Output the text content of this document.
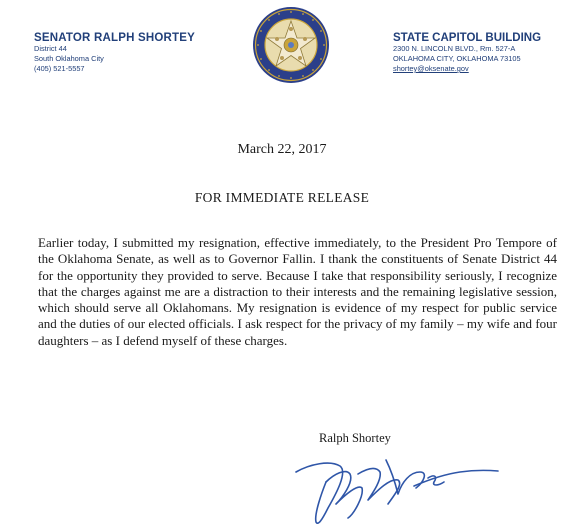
SENATOR RALPH SHORTEY
District 44
South Oklahoma City
(405) 521-5557
STATE CAPITOL BUILDING
2300 N. LINCOLN BLVD., Rm. 527-A
OKLAHOMA CITY, OKLAHOMA 73105
shortey@oksenate.gov
March 22, 2017
FOR IMMEDIATE RELEASE
Earlier today, I submitted my resignation, effective immediately, to the President Pro Tempore of the Oklahoma Senate, as well as to Governor Fallin. I thank the constituents of Senate District 44 for the opportunity they provided to serve. Because I take that responsibility seriously, I recognize that the charges against me are a distraction to their interests and the remaining legislative session, which should serve all Oklahomans. My resignation is evidence of my respect for public service and the duties of our elected officials. I ask respect for the privacy of my family – my wife and four daughters – as I defend myself of these charges.
Ralph Shortey
